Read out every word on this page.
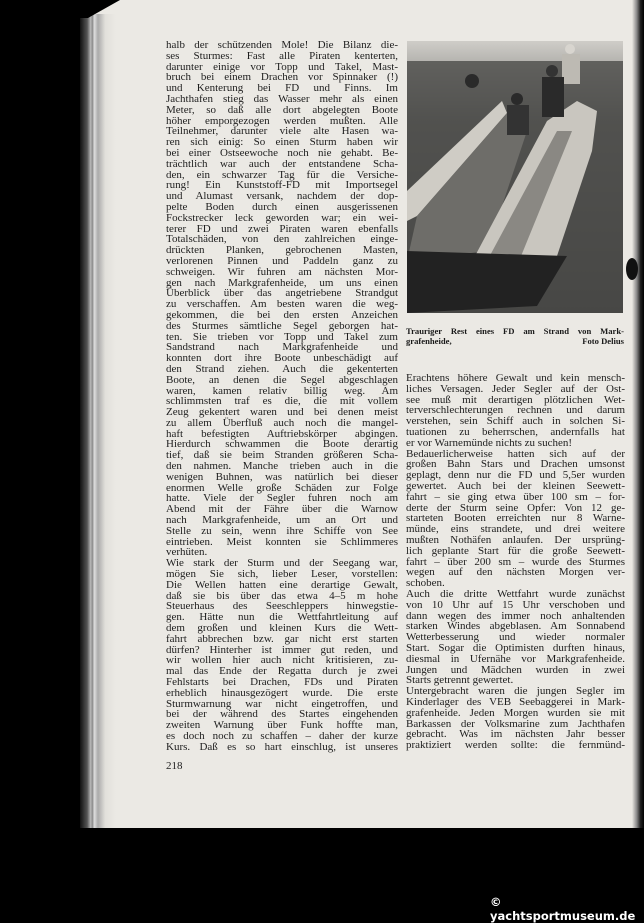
halb der schützenden Mole! Die Bilanz die-
ses Sturmes: Fast alle Piraten kenterten,
darunter einige vor Topp und Takel, Mast-
bruch bei einem Drachen vor Spinnaker (!)
und Kenterung bei FD und Finns. Im
Jachthafen stieg das Wasser mehr als einen
Meter, so daß alle dort abgelegten Boote
höher emporgezogen werden mußten. Alle
Teilnehmer, darunter viele alte Hasen wa-
ren sich einig: So einen Sturm haben wir
bei einer Ostseewoche noch nie gehabt. Be-
trächtlich war auch der entstandene Scha-
den, ein schwarzer Tag für die Versiche-
rung! Ein Kunststoff-FD mit Importsegel
und Alumast versank, nachdem der dop-
pelte Boden durch einen ausgerissenen
Fockstrecker leck geworden war; ein wei-
terer FD und zwei Piraten waren ebenfalls
Totalschäden, von den zahlreichen einge-
drückten Planken, gebrochenen Masten,
verlorenen Pinnen und Paddeln ganz zu
schweigen. Wir fuhren am nächsten Mor-
gen nach Markgrafenheide, um uns einen
Überblick über das angetriebene Strandgut
zu verschaffen. Am besten waren die weg-
gekommen, die bei den ersten Anzeichen
des Sturmes sämtliche Segel geborgen hat-
ten. Sie trieben vor Topp und Takel zum
Sandstrand nach Markgrafenheide und
konnten dort ihre Boote unbeschädigt auf
den Strand ziehen. Auch die gekenterten
Boote, an denen die Segel abgeschlagen
waren, kamen relativ billig weg. Am
schlimmsten traf es die, die mit vollem
Zeug gekentert waren und bei denen meist
zu allem Überfluß auch noch die mangel-
haft befestigten Auftriebskörper abgingen.
Hierdurch schwammen die Boote derartig
tief, daß sie beim Stranden größeren Scha-
den nahmen. Manche trieben auch in die
wenigen Buhnen, was natürlich bei dieser
enormen Welle große Schäden zur Folge
hatte. Viele der Segler fuhren noch am
Abend mit der Fähre über die Warnow
nach Markgrafenheide, um an Ort und
Stelle zu sein, wenn ihre Schiffe von See
eintrieben. Meist konnten sie Schlimmeres
verhüten.
Wie stark der Sturm und der Seegang war,
mögen Sie sich, lieber Leser, vorstellen:
Die Wellen hatten eine derartige Gewalt,
daß sie bis über das etwa 4–5 m hohe
Steuerhaus des Seeschleppers hinwegstie-
gen. Hätte nun die Wettfahrtleitung auf
dem großen und kleinen Kurs die Wett-
fahrt abbrechen bzw. gar nicht erst starten
dürfen? Hinterher ist immer gut reden, und
wir wollen hier auch nicht kritisieren, zu-
mal das Ende der Regatta durch je zwei
Fehlstarts bei Drachen, FDs und Piraten
erheblich hinausgezögert wurde. Die erste
Sturmwarnung war nicht eingetroffen, und
bei der während des Startes eingehenden
zweiten Warnung über Funk hoffte man,
es doch noch zu schaffen – daher der kurze
Kurs. Daß es so hart einschlug, ist unseres
Erachtens höhere Gewalt und kein mensch-
liches Versagen. Jeder Segler auf der Ost-
see muß mit derartigen plötzlichen Wet-
terverschlechterungen rechnen und darum
verstehen, sein Schiff auch in solchen Si-
tuationen zu beherrschen, andernfalls hat
er vor Warnemünde nichts zu suchen!
Bedauerlicherweise hatten sich auf der
großen Bahn Stars und Drachen umsonst
geplagt, denn nur die FD und 5,5er wurden
gewertet. Auch bei der kleinen Seewett-
fahrt – sie ging etwa über 100 sm – for-
derte der Sturm seine Opfer: Von 12 ge-
starteten Booten erreichten nur 8 Warne-
münde, eins strandete, und drei weitere
mußten Nothäfen anlaufen. Der ursprüng-
lich geplante Start für die große Seewett-
fahrt – über 200 sm – wurde des Sturmes
wegen auf den nächsten Morgen ver-
schoben.
Auch die dritte Wettfahrt wurde zunächst
von 10 Uhr auf 15 Uhr verschoben und
dann wegen des immer noch anhaltenden
starken Windes abgeblasen. Am Sonnabend
Wetterbesserung und wieder normaler
Start. Sogar die Optimisten durften hinaus,
diesmal in Ufernähe vor Markgrafenheide.
Jungen und Mädchen wurden in zwei
Starts getrennt gewertet.
Untergebracht waren die jungen Segler im
Kinderlager des VEB Seebaggerei in Mark-
grafenheide. Jeden Morgen wurden sie mit
Barkassen der Volksmarine zum Jachthafen
gebracht. Was im nächsten Jahr besser
praktiziert werden sollte: die fernmünd-
Trauriger Rest eines FD am Strand von Mark-
grafenheide,	Foto Delius
218
© yachtsportmuseum.de
